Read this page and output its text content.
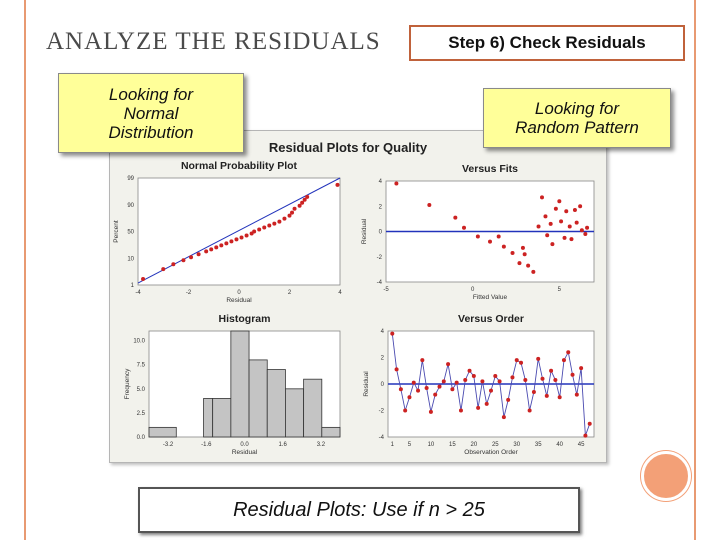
ANALYZE THE RESIDUALS
Residual Plots for Quality
Normal Probability Plot
Residual
Percent
-4	-2	0	2	4
1
10
50
90
99
Versus Fits
Fitted Value
Residual
-5	0	5
-4
-2
0
2
4
Histogram
Residual
Frequency
-3.2	-1.6	0.0	1.6	3.2
0.0
2.5
5.0
7.5
10.0
Versus Order
Observation Order
Residual
1 5	10 15 20 25 30 35 40 45
-4
-2
0
2
4
Step 6) Check Residuals
Looking for
Normal
Distribution
Looking for
Random Pattern
Residual Plots: Use if n > 25
